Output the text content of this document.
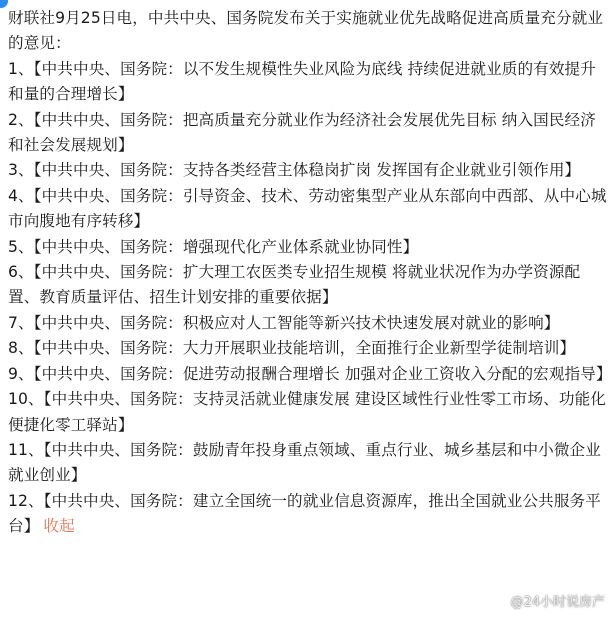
财联社9月25日电，中共中央、国务院发布关于实施就业优先战略促进高质量充分就业的意见：

1、【中共中央、国务院：以不发生规模性失业风险为底线 持续促进就业质的有效提升和量的合理增长】

2、【中共中央、国务院：把高质量充分就业作为经济社会发展优先目标 纳入国民经济和社会发展规划】

3、【中共中央、国务院：支持各类经营主体稳岗扩岗 发挥国有企业就业引领作用】

4、【中共中央、国务院：引导资金、技术、劳动密集型产业从东部向中西部、从中心城市向腹地有序转移】

5、【中共中央、国务院：增强现代化产业体系就业协同性】

6、【中共中央、国务院：扩大理工农医类专业招生规模 将就业状况作为办学资源配置、教育质量评估、招生计划安排的重要依据】

7、【中共中央、国务院：积极应对人工智能等新兴技术快速发展对就业的影响】

8、【中共中央、国务院：大力开展职业技能培训，全面推行企业新型学徒制培训】

9、【中共中央、国务院：促进劳动报酬合理增长 加强对企业工资收入分配的宏观指导】

10、【中共中央、国务院：支持灵活就业健康发展 建设区域性行业性零工市场、功能化便捷化零工驿站】

11、【中共中央、国务院：鼓励青年投身重点领域、重点行业、城乡基层和中小微企业就业创业】

12、【中共中央、国务院：建立全国统一的就业信息资源库，推出全国就业公共服务平台】 收起

@24小时说房产
